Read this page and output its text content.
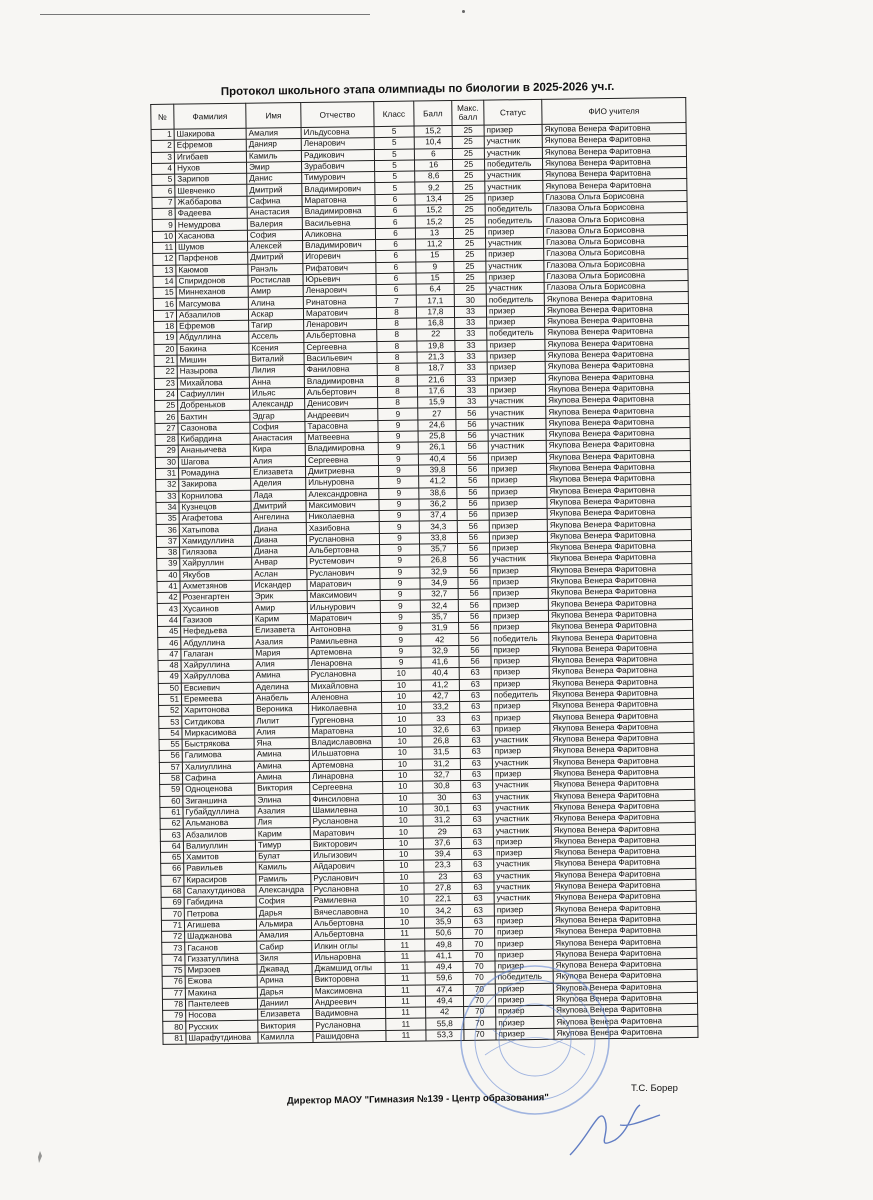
Протокол школьного этапа олимпиады по биологии в 2025-2026 уч.г.
№	Фамилия	Имя	Отчество	Класс	Балл	Макс. балл	Статус	ФИО учителя
1	Шакирова	Амалия	Ильдусовна	5	15,2	25	призер	Якупова Венера Фаритовна
2	Ефремов	Данияр	Ленарович	5	10,4	25	участник	Якупова Венера Фаритовна
3	Игибаев	Камиль	Радикович	5	6	25	участник	Якупова Венера Фаритовна
4	Нухов	Эмир	Зурабович	5	16	25	победитель	Якупова Венера Фаритовна
5	Зарипов	Данис	Тимурович	5	8,6	25	участник	Якупова Венера Фаритовна
6	Шевченко	Дмитрий	Владимирович	5	9,2	25	участник	Якупова Венера Фаритовна
7	Жаббарова	Сафина	Маратовна	6	13,4	25	призер	Глазова Ольга Борисовна
8	Фадеева	Анастасия	Владимировна	6	15,2	25	победитель	Глазова Ольга Борисовна
9	Немудрова	Валерия	Васильевна	6	15,2	25	победитель	Глазова Ольга Борисовна
10	Хасанова	София	Аликовна	6	13	25	призер	Глазова Ольга Борисовна
11	Шумов	Алексей	Владимирович	6	11,2	25	участник	Глазова Ольга Борисовна
12	Парфенов	Дмитрий	Игоревич	6	15	25	призер	Глазова Ольга Борисовна
13	Каюмов	Ранэль	Рифатович	6	9	25	участник	Глазова Ольга Борисовна
14	Спиридонов	Ростислав	Юрьевич	6	15	25	призер	Глазова Ольга Борисовна
15	Миннеханов	Амир	Ленарович	6	6,4	25	участник	Глазова Ольга Борисовна
16	Магсумова	Алина	Ринатовна	7	17,1	30	победитель	Якупова Венера Фаритовна
17	Абзалилов	Аскар	Маратович	8	17,8	33	призер	Якупова Венера Фаритовна
18	Ефремов	Тагир	Ленарович	8	16,8	33	призер	Якупова Венера Фаритовна
19	Абдуллина	Ассель	Альбертовна	8	22	33	победитель	Якупова Венера Фаритовна
20	Бакина	Ксения	Сергеевна	8	19,8	33	призер	Якупова Венера Фаритовна
21	Мишин	Виталий	Васильевич	8	21,3	33	призер	Якупова Венера Фаритовна
22	Назырова	Лилия	Фаниловна	8	18,7	33	призер	Якупова Венера Фаритовна
23	Михайлова	Анна	Владимировна	8	21,6	33	призер	Якупова Венера Фаритовна
24	Сафиуллин	Ильяс	Альбертович	8	17,6	33	призер	Якупова Венера Фаритовна
25	Добреньков	Александр	Денисович	8	15,9	33	участник	Якупова Венера Фаритовна
26	Бахтин	Эдгар	Андреевич	9	27	56	участник	Якупова Венера Фаритовна
27	Сазонова	София	Тарасовна	9	24,6	56	участник	Якупова Венера Фаритовна
28	Кибардина	Анастасия	Матвеевна	9	25,8	56	участник	Якупова Венера Фаритовна
29	Ананьичева	Кира	Владимировна	9	26,1	56	участник	Якупова Венера Фаритовна
30	Шагова	Алия	Сергеевна	9	40,4	56	призер	Якупова Венера Фаритовна
31	Ромадина	Елизавета	Дмитриевна	9	39,8	56	призер	Якупова Венера Фаритовна
32	Закирова	Аделия	Ильнуровна	9	41,2	56	призер	Якупова Венера Фаритовна
33	Корнилова	Лада	Александровна	9	38,6	56	призер	Якупова Венера Фаритовна
34	Кузнецов	Дмитрий	Максимович	9	36,2	56	призер	Якупова Венера Фаритовна
35	Агафетова	Ангелина	Николаевна	9	37,4	56	призер	Якупова Венера Фаритовна
36	Хатыпова	Диана	Хазибовна	9	34,3	56	призер	Якупова Венера Фаритовна
37	Хамидуллина	Диана	Руслановна	9	33,8	56	призер	Якупова Венера Фаритовна
38	Гилязова	Диана	Альбертовна	9	35,7	56	призер	Якупова Венера Фаритовна
39	Хайруллин	Анвар	Рустемович	9	26,8	56	участник	Якупова Венера Фаритовна
40	Якубов	Аслан	Русланович	9	32,9	56	призер	Якупова Венера Фаритовна
41	Ахметзянов	Искандер	Маратович	9	34,9	56	призер	Якупова Венера Фаритовна
42	Розенгартен	Эрик	Максимович	9	32,7	56	призер	Якупова Венера Фаритовна
43	Хусаинов	Амир	Ильнурович	9	32,4	56	призер	Якупова Венера Фаритовна
44	Газизов	Карим	Маратович	9	35,7	56	призер	Якупова Венера Фаритовна
45	Нефедьева	Елизавета	Антоновна	9	31,9	56	призер	Якупова Венера Фаритовна
46	Абдуллина	Азалия	Рамильевна	9	42	56	победитель	Якупова Венера Фаритовна
47	Галаган	Мария	Артемовна	9	32,9	56	призер	Якупова Венера Фаритовна
48	Хайруллина	Алия	Ленаровна	9	41,6	56	призер	Якупова Венера Фаритовна
49	Хайруллова	Амина	Руслановна	10	40,4	63	призер	Якупова Венера Фаритовна
50	Евсиевич	Аделина	Михайловна	10	41,2	63	призер	Якупова Венера Фаритовна
51	Еремеева	Анабель	Аленовна	10	42,7	63	победитель	Якупова Венера Фаритовна
52	Харитонова	Вероника	Николаевна	10	33,2	63	призер	Якупова Венера Фаритовна
53	Ситдикова	Лилит	Гургеновна	10	33	63	призер	Якупова Венера Фаритовна
54	Миркасимова	Алия	Маратовна	10	32,6	63	призер	Якупова Венера Фаритовна
55	Быстрякова	Яна	Владиславовна	10	26,8	63	участник	Якупова Венера Фаритовна
56	Галимова	Амина	Ильшатовна	10	31,5	63	призер	Якупова Венера Фаритовна
57	Халиуллина	Амина	Артемовна	10	31,2	63	участник	Якупова Венера Фаритовна
58	Сафина	Амина	Линаровна	10	32,7	63	призер	Якупова Венера Фаритовна
59	Одноценова	Виктория	Сергеевна	10	30,8	63	участник	Якупова Венера Фаритовна
60	Зиганшина	Элина	Финсиловна	10	30	63	участник	Якупова Венера Фаритовна
61	Губайдуллина	Азалия	Шамилевна	10	30,1	63	участник	Якупова Венера Фаритовна
62	Альманова	Лия	Руслановна	10	31,2	63	участник	Якупова Венера Фаритовна
63	Абзалилов	Карим	Маратович	10	29	63	участник	Якупова Венера Фаритовна
64	Валиуллин	Тимур	Викторович	10	37,6	63	призер	Якупова Венера Фаритовна
65	Хамитов	Булат	Ильгизович	10	39,4	63	призер	Якупова Венера Фаритовна
66	Равильев	Камиль	Айдарович	10	23,3	63	участник	Якупова Венера Фаритовна
67	Кирасиров	Рамиль	Русланович	10	23	63	участник	Якупова Венера Фаритовна
68	Салахутдинова	Александра	Руслановна	10	27,8	63	участник	Якупова Венера Фаритовна
69	Габидина	София	Рамилевна	10	22,1	63	участник	Якупова Венера Фаритовна
70	Петрова	Дарья	Вячеславовна	10	34,2	63	призер	Якупова Венера Фаритовна
71	Агишева	Альмира	Альбертовна	10	35,9	63	призер	Якупова Венера Фаритовна
72	Шаджанова	Амалия	Альбертовна	11	50,6	70	призер	Якупова Венера Фаритовна
73	Гасанов	Сабир	Илкин оглы	11	49,8	70	призер	Якупова Венера Фаритовна
74	Гиззатуллина	Зиля	Ильнаровна	11	41,1	70	призер	Якупова Венера Фаритовна
75	Мирзоев	Джавад	Джамшид оглы	11	49,4	70	призер	Якупова Венера Фаритовна
76	Ежова	Арина	Викторовна	11	59,6	70	победитель	Якупова Венера Фаритовна
77	Макина	Дарья	Максимовна	11	47,4	70	призер	Якупова Венера Фаритовна
78	Пантелеев	Даниил	Андреевич	11	49,4	70	призер	Якупова Венера Фаритовна
79	Носова	Елизавета	Вадимовна	11	42	70	призер	Якупова Венера Фаритовна
80	Русских	Виктория	Руслановна	11	55,8	70	призер	Якупова Венера Фаритовна
81	Шарафутдинова	Камилла	Рашидовна	11	53,3	70	призер	Якупова Венера Фаритовна
Директор МАОУ "Гимназия №139 - Центр образования"
Т.С. Борер
